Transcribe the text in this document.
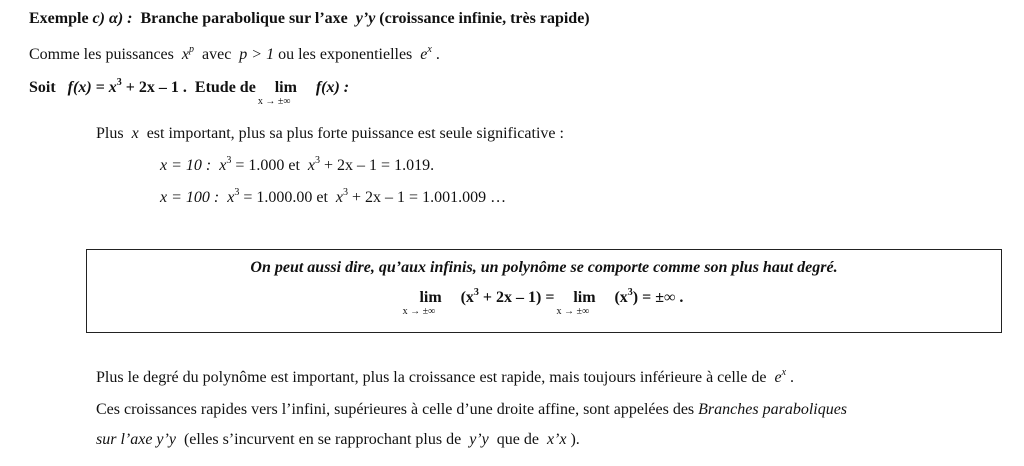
Exemple c) α) : Branche parabolique sur l’axe y’y (croissance infinie, très rapide)
Comme les puissances $x^p$ avec p > 1 ou les exponentielles $e^x$ .
Soit $f(x) = x^3 + 2x - 1$ . Etude de lim
x → ±∞
f(x) :
Plus x est important, plus sa plus forte puissance est seule significative :
x = 10 : $x^3 = 1.000$ et $x^3 + 2x - 1 = 1.019$.
x = 100 : $x^3 = 1.000.00$ et $x^3 + 2x - 1 = 1.001.009$ …
On peut aussi dire, qu’aux infinis, un polynôme se comporte comme son plus haut degré.
lim
x → ±∞
$(x^3 + 2x - 1) = \lim$
x → ±∞
$(x^3)$ = ±∞ .
Plus le degré du polynôme est important, plus la croissance est rapide, mais toujours inférieure à celle de $e^x$ .
Ces croissances rapides vers l’infini, supérieures à celle d’une droite affine, sont appelées des Branches paraboliques
sur l’axe y’y (elles s’incurvent en se rapprochant plus de y’y que de x’x ).
